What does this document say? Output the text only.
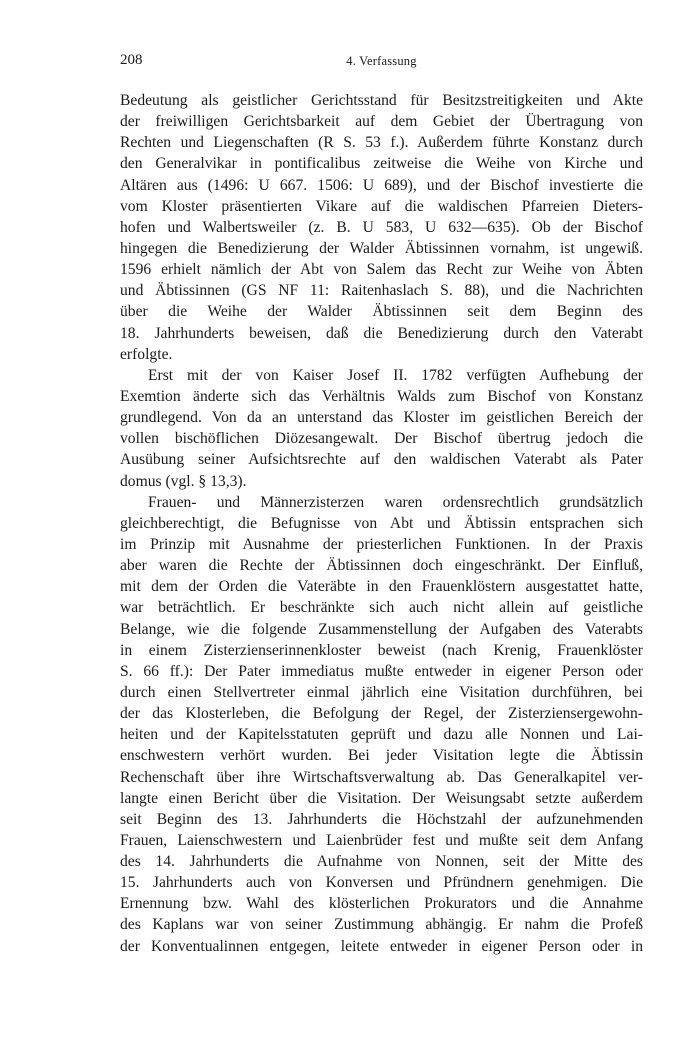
208	4. Verfassung
Bedeutung als geistlicher Gerichtsstand für Besitzstreitigkeiten und Akte
der freiwilligen Gerichtsbarkeit auf dem Gebiet der Übertragung von
Rechten und Liegenschaften (R S. 53 f.). Außerdem führte Konstanz durch
den Generalvikar in pontificalibus zeitweise die Weihe von Kirche und
Altären aus (1496: U 667. 1506: U 689), und der Bischof investierte die
vom Kloster präsentierten Vikare auf die waldischen Pfarreien Dieters-
hofen und Walbertsweiler (z. B. U 583, U 632—635). Ob der Bischof
hingegen die Benedizierung der Walder Äbtissinnen vornahm, ist ungewiß.
1596 erhielt nämlich der Abt von Salem das Recht zur Weihe von Äbten
und Äbtissinnen (GS NF 11: Raitenhaslach S. 88), und die Nachrichten
über die Weihe der Walder Äbtissinnen seit dem Beginn des
18. Jahrhunderts beweisen, daß die Benedizierung durch den Vaterabt
erfolgte.
Erst mit der von Kaiser Josef II. 1782 verfügten Aufhebung der
Exemtion änderte sich das Verhältnis Walds zum Bischof von Konstanz
grundlegend. Von da an unterstand das Kloster im geistlichen Bereich der
vollen bischöflichen Diözesangewalt. Der Bischof übertrug jedoch die
Ausübung seiner Aufsichtsrechte auf den waldischen Vaterabt als Pater
domus (vgl. § 13,3).
Frauen- und Männerzisterzen waren ordensrechtlich grundsätzlich
gleichberechtigt, die Befugnisse von Abt und Äbtissin entsprachen sich
im Prinzip mit Ausnahme der priesterlichen Funktionen. In der Praxis
aber waren die Rechte der Äbtissinnen doch eingeschränkt. Der Einfluß,
mit dem der Orden die Vateräbte in den Frauenklöstern ausgestattet hatte,
war beträchtlich. Er beschränkte sich auch nicht allein auf geistliche
Belange, wie die folgende Zusammenstellung der Aufgaben des Vaterabts
in einem Zisterzienserinnenkloster beweist (nach Krenig, Frauenklöster
S. 66 ff.): Der Pater immediatus mußte entweder in eigener Person oder
durch einen Stellvertreter einmal jährlich eine Visitation durchführen, bei
der das Klosterleben, die Befolgung der Regel, der Zisterziensergewohn-
heiten und der Kapitelsstatuten geprüft und dazu alle Nonnen und Lai-
enschwestern verhört wurden. Bei jeder Visitation legte die Äbtissin
Rechenschaft über ihre Wirtschaftsverwaltung ab. Das Generalkapitel ver-
langte einen Bericht über die Visitation. Der Weisungsabt setzte außerdem
seit Beginn des 13. Jahrhunderts die Höchstzahl der aufzunehmenden
Frauen, Laienschwestern und Laienbrüder fest und mußte seit dem Anfang
des 14. Jahrhunderts die Aufnahme von Nonnen, seit der Mitte des
15. Jahrhunderts auch von Konversen und Pfründnern genehmigen. Die
Ernennung bzw. Wahl des klösterlichen Prokurators und die Annahme
des Kaplans war von seiner Zustimmung abhängig. Er nahm die Profeß
der Konventualinnen entgegen, leitete entweder in eigener Person oder in
